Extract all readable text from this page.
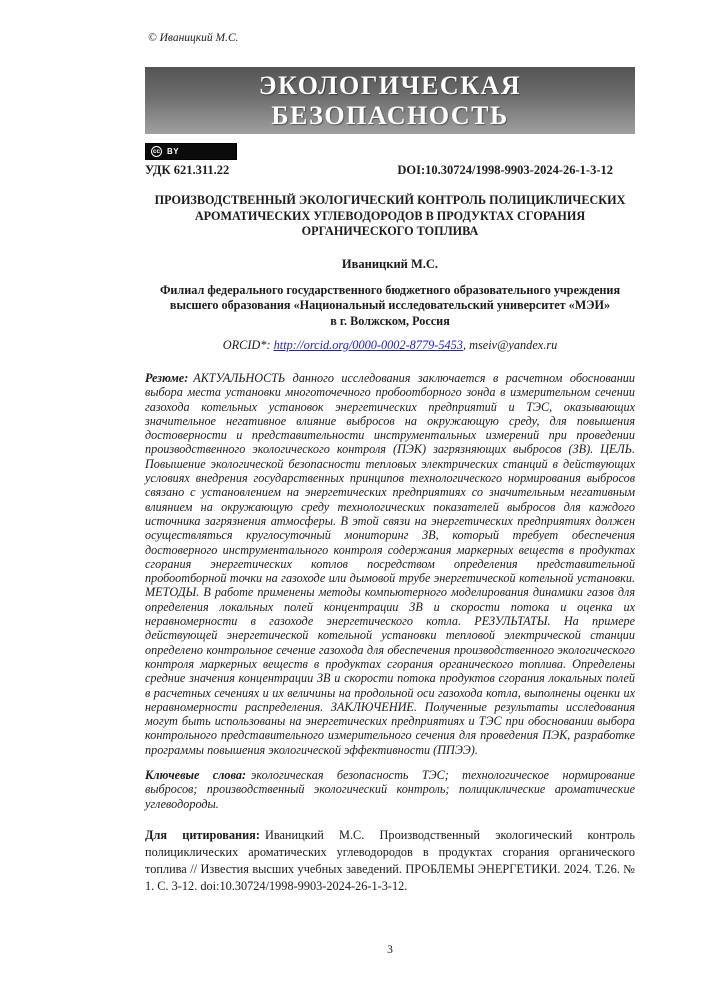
© Иваницкий М.С.
ЭКОЛОГИЧЕСКАЯ
БЕЗОПАСНОСТЬ
cc BY
УДК 621.311.22	DOI:10.30724/1998-9903-2024-26-1-3-12
ПРОИЗВОДСТВЕННЫЙ ЭКОЛОГИЧЕСКИЙ КОНТРОЛЬ ПОЛИЦИКЛИЧЕСКИХ
АРОМАТИЧЕСКИХ УГЛЕВОДОРОДОВ В ПРОДУКТАХ СГОРАНИЯ
ОРГАНИЧЕСКОГО ТОПЛИВА
Иваницкий М.С.
Филиал федерального государственного бюджетного образовательного учреждения
высшего образования «Национальный исследовательский университет «МЭИ»
в г. Волжском, Россия
ORCID*: http://orcid.org/0000-0002-8779-5453, mseiv@yandex.ru
Резюме: АКТУАЛЬНОСТЬ данного исследования заключается в расчетном обосновании выбора места установки многоточечного пробоотборного зонда в измерительном сечении газохода котельных установок энергетических предприятий и ТЭС, оказывающих значительное негативное влияние выбросов на окружающую среду, для повышения достоверности и представительности инструментальных измерений при проведении производственного экологического контроля (ПЭК) загрязняющих выбросов (ЗВ). ЦЕЛЬ. Повышение экологической безопасности тепловых электрических станций в действующих условиях внедрения государственных принципов технологического нормирования выбросов связано с установлением на энергетических предприятиях со значительным негативным влиянием на окружающую среду технологических показателей выбросов для каждого источника загрязнения атмосферы. В этой связи на энергетических предприятиях должен осуществляться круглосуточный мониторинг ЗВ, который требует обеспечения достоверного инструментального контроля содержания маркерных веществ в продуктах сгорания энергетических котлов посредством определения представительной пробоотборной точки на газоходе или дымовой трубе энергетической котельной установки. МЕТОДЫ. В работе применены методы компьютерного моделирования динамики газов для определения локальных полей концентрации ЗВ и скорости потока и оценка их неравномерности в газоходе энергетического котла. РЕЗУЛЬТАТЫ. На примере действующей энергетической котельной установки тепловой электрической станции определено контрольное сечение газохода для обеспечения производственного экологического контроля маркерных веществ в продуктах сгорания органического топлива. Определены средние значения концентрации ЗВ и скорости потока продуктов сгорания локальных полей в расчетных сечениях и их величины на продольной оси газохода котла, выполнены оценки их неравномерности распределения. ЗАКЛЮЧЕНИЕ. Полученные результаты исследования могут быть использованы на энергетических предприятиях и ТЭС при обосновании выбора контрольного представительного измерительного сечения для проведения ПЭК, разработке программы повышения экологической эффективности (ППЭЭ).
Ключевые слова: экологическая безопасность ТЭС; технологическое нормирование выбросов; производственный экологический контроль; полициклические ароматические углеводороды.
Для цитирования: Иваницкий М.С. Производственный экологический контроль полициклических ароматических углеводородов в продуктах сгорания органического топлива // Известия высших учебных заведений. ПРОБЛЕМЫ ЭНЕРГЕТИКИ. 2024. Т.26. № 1. С. 3-12. doi:10.30724/1998-9903-2024-26-1-3-12.
3
